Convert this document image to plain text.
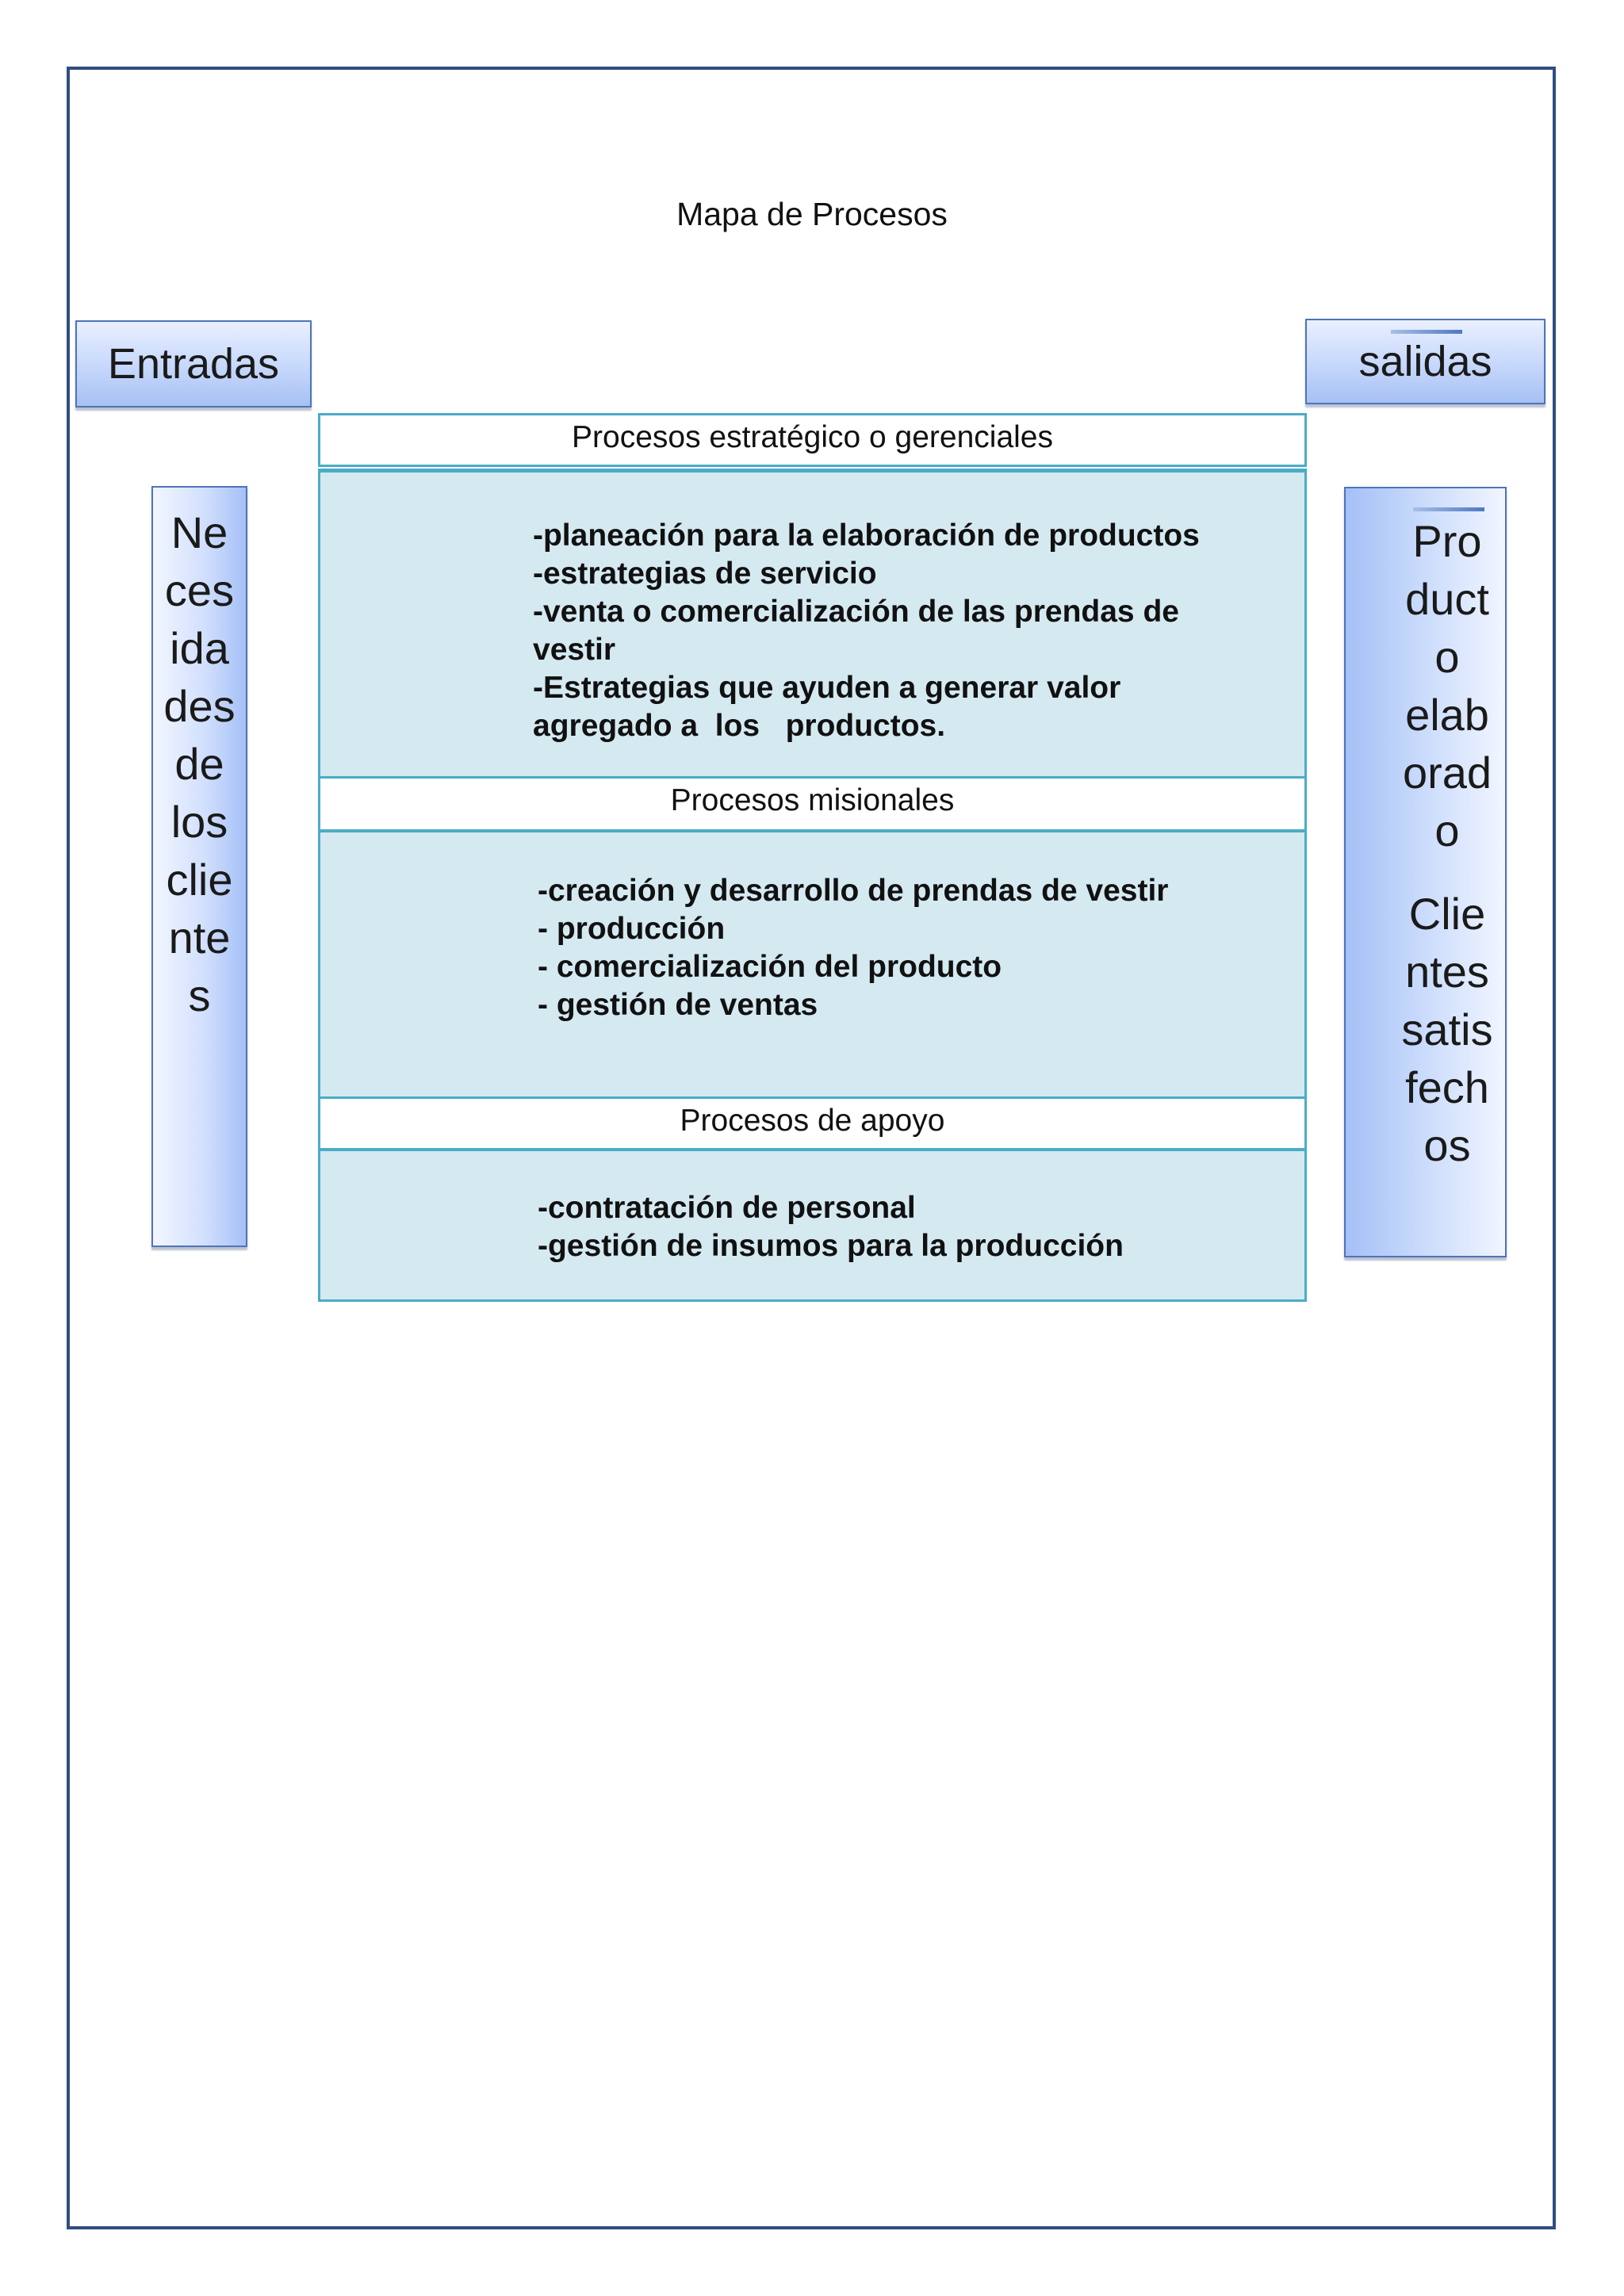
Mapa de Procesos
Entradas	salidas
Ne
ces
ida
des
de
los
clie
nte
s
Pro
duct
o
elab
orad
o
Clie
ntes
satis
fech
os
Procesos estratégico o gerenciales
-planeación para la elaboración de productos
-estrategias de servicio
-venta o comercialización de las prendas de vestir
-Estrategias que ayuden a generar valor agregado a  los   productos.
Procesos misionales
-creación y desarrollo de prendas de vestir
- producción
- comercialización del producto
- gestión de ventas
Procesos de apoyo
-contratación de personal
-gestión de insumos para la producción
